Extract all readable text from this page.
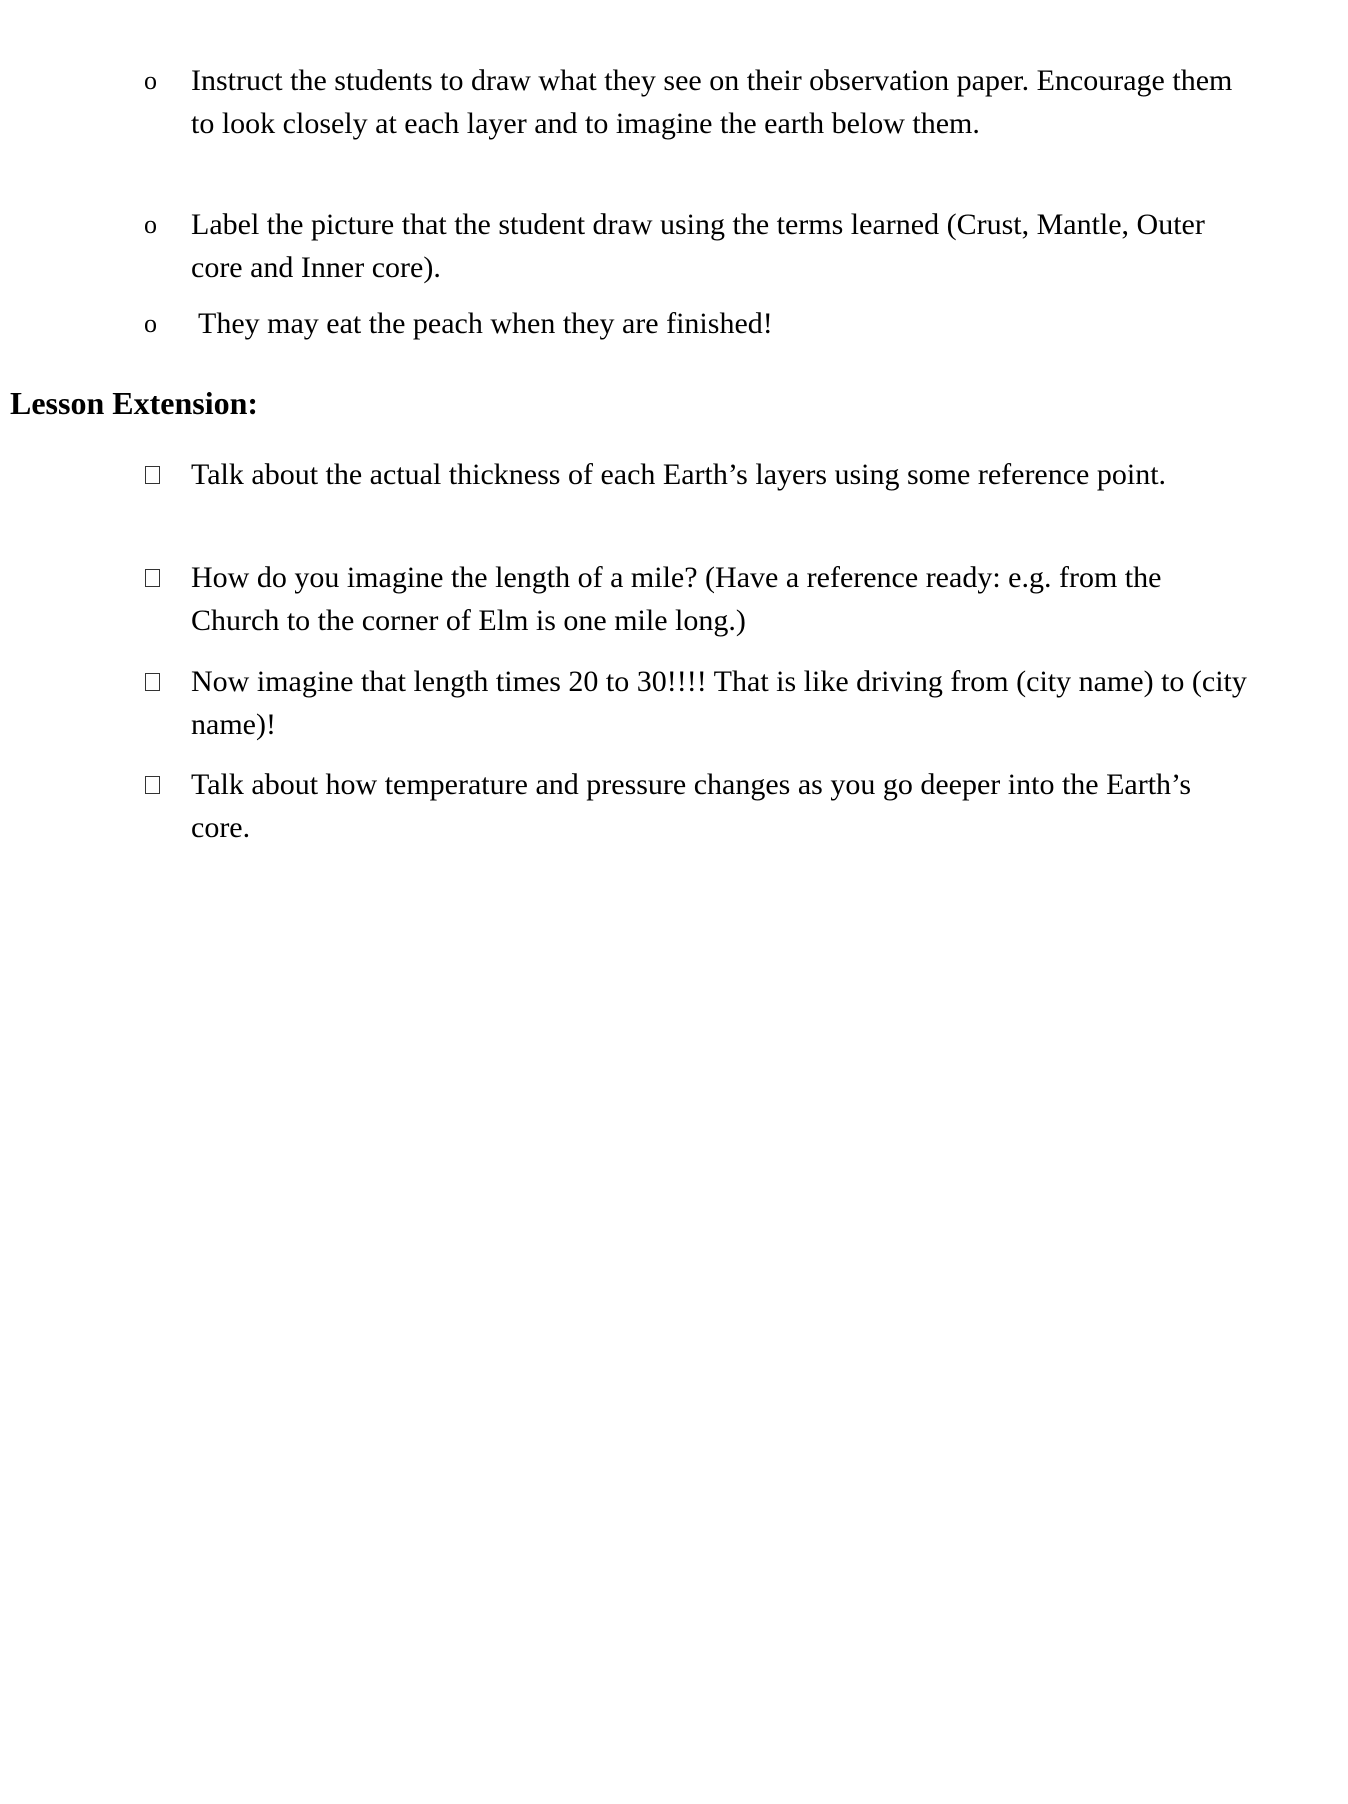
o Instruct the students to draw what they see on their observation paper. Encourage them to look closely at each layer and to imagine the earth below them.
o Label the picture that the student draw using the terms learned (Crust, Mantle, Outer core and Inner core).
o They may eat the peach when they are finished!
Lesson Extension:
Talk about the actual thickness of each Earth’s layers using some reference point.
How do you imagine the length of a mile? (Have a reference ready: e.g. from the Church to the corner of Elm is one mile long.)
Now imagine that length times 20 to 30!!!! That is like driving from (city name) to (city name)!
Talk about how temperature and pressure changes as you go deeper into the Earth’s core.
